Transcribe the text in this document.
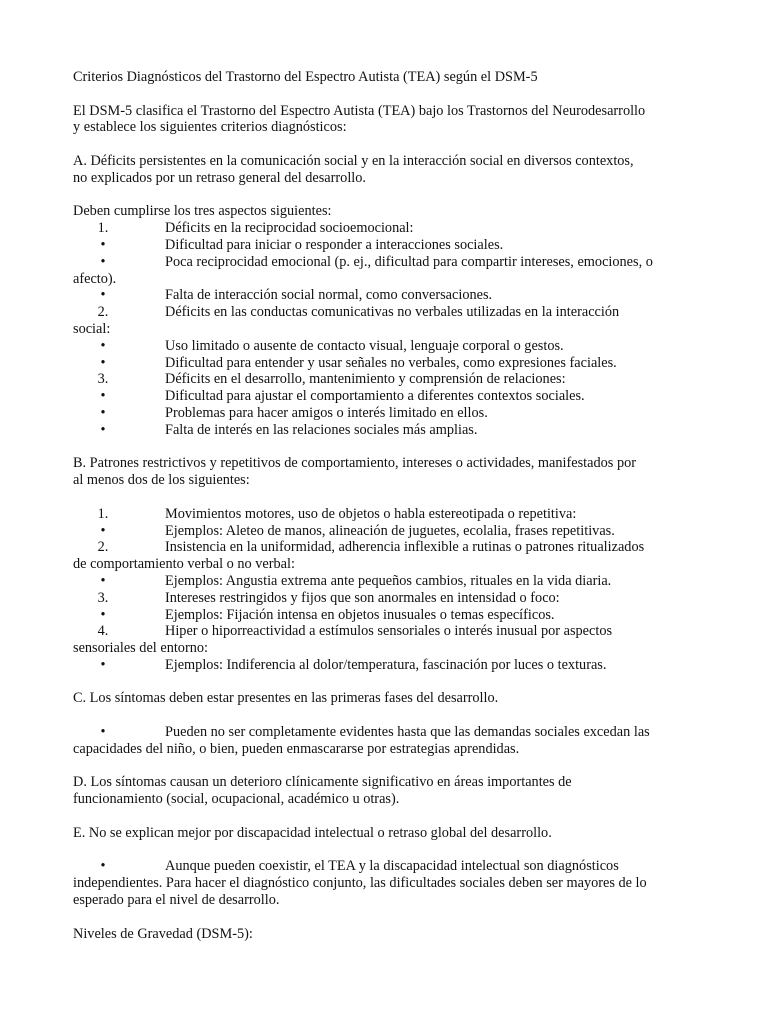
Criterios Diagnósticos del Trastorno del Espectro Autista (TEA) según el DSM-5

El DSM-5 clasifica el Trastorno del Espectro Autista (TEA) bajo los Trastornos del Neurodesarrollo

y establece los siguientes criterios diagnósticos:

A. Déficits persistentes en la comunicación social y en la interacción social en diversos contextos,

no explicados por un retraso general del desarrollo.

Deben cumplirse los tres aspectos siguientes:

1.	Déficits en la reciprocidad socioemocional:
•	Dificultad para iniciar o responder a interacciones sociales.
•	Poca reciprocidad emocional (p. ej., dificultad para compartir intereses, emociones, o
afecto).
•	Falta de interacción social normal, como conversaciones.
2.	Déficits en las conductas comunicativas no verbales utilizadas en la interacción
social:
•	Uso limitado o ausente de contacto visual, lenguaje corporal o gestos.
•	Dificultad para entender y usar señales no verbales, como expresiones faciales.
3.	Déficits en el desarrollo, mantenimiento y comprensión de relaciones:
•	Dificultad para ajustar el comportamiento a diferentes contextos sociales.
•	Problemas para hacer amigos o interés limitado en ellos.
•	Falta de interés en las relaciones sociales más amplias.

B. Patrones restrictivos y repetitivos de comportamiento, intereses o actividades, manifestados por

al menos dos de los siguientes:

1.	Movimientos motores, uso de objetos o habla estereotipada o repetitiva:
•	Ejemplos: Aleteo de manos, alineación de juguetes, ecolalia, frases repetitivas.
2.	Insistencia en la uniformidad, adherencia inflexible a rutinas o patrones ritualizados
de comportamiento verbal o no verbal:
•	Ejemplos: Angustia extrema ante pequeños cambios, rituales en la vida diaria.
3.	Intereses restringidos y fijos que son anormales en intensidad o foco:
•	Ejemplos: Fijación intensa en objetos inusuales o temas específicos.
4.	Hiper o hiporreactividad a estímulos sensoriales o interés inusual por aspectos
sensoriales del entorno:
•	Ejemplos: Indiferencia al dolor/temperatura, fascinación por luces o texturas.

C. Los síntomas deben estar presentes en las primeras fases del desarrollo.

•	Pueden no ser completamente evidentes hasta que las demandas sociales excedan las
capacidades del niño, o bien, pueden enmascararse por estrategias aprendidas.

D. Los síntomas causan un deterioro clínicamente significativo en áreas importantes de

funcionamiento (social, ocupacional, académico u otras).

E. No se explican mejor por discapacidad intelectual o retraso global del desarrollo.

•	Aunque pueden coexistir, el TEA y la discapacidad intelectual son diagnósticos
independientes. Para hacer el diagnóstico conjunto, las dificultades sociales deben ser mayores de lo
esperado para el nivel de desarrollo.

Niveles de Gravedad (DSM-5):
